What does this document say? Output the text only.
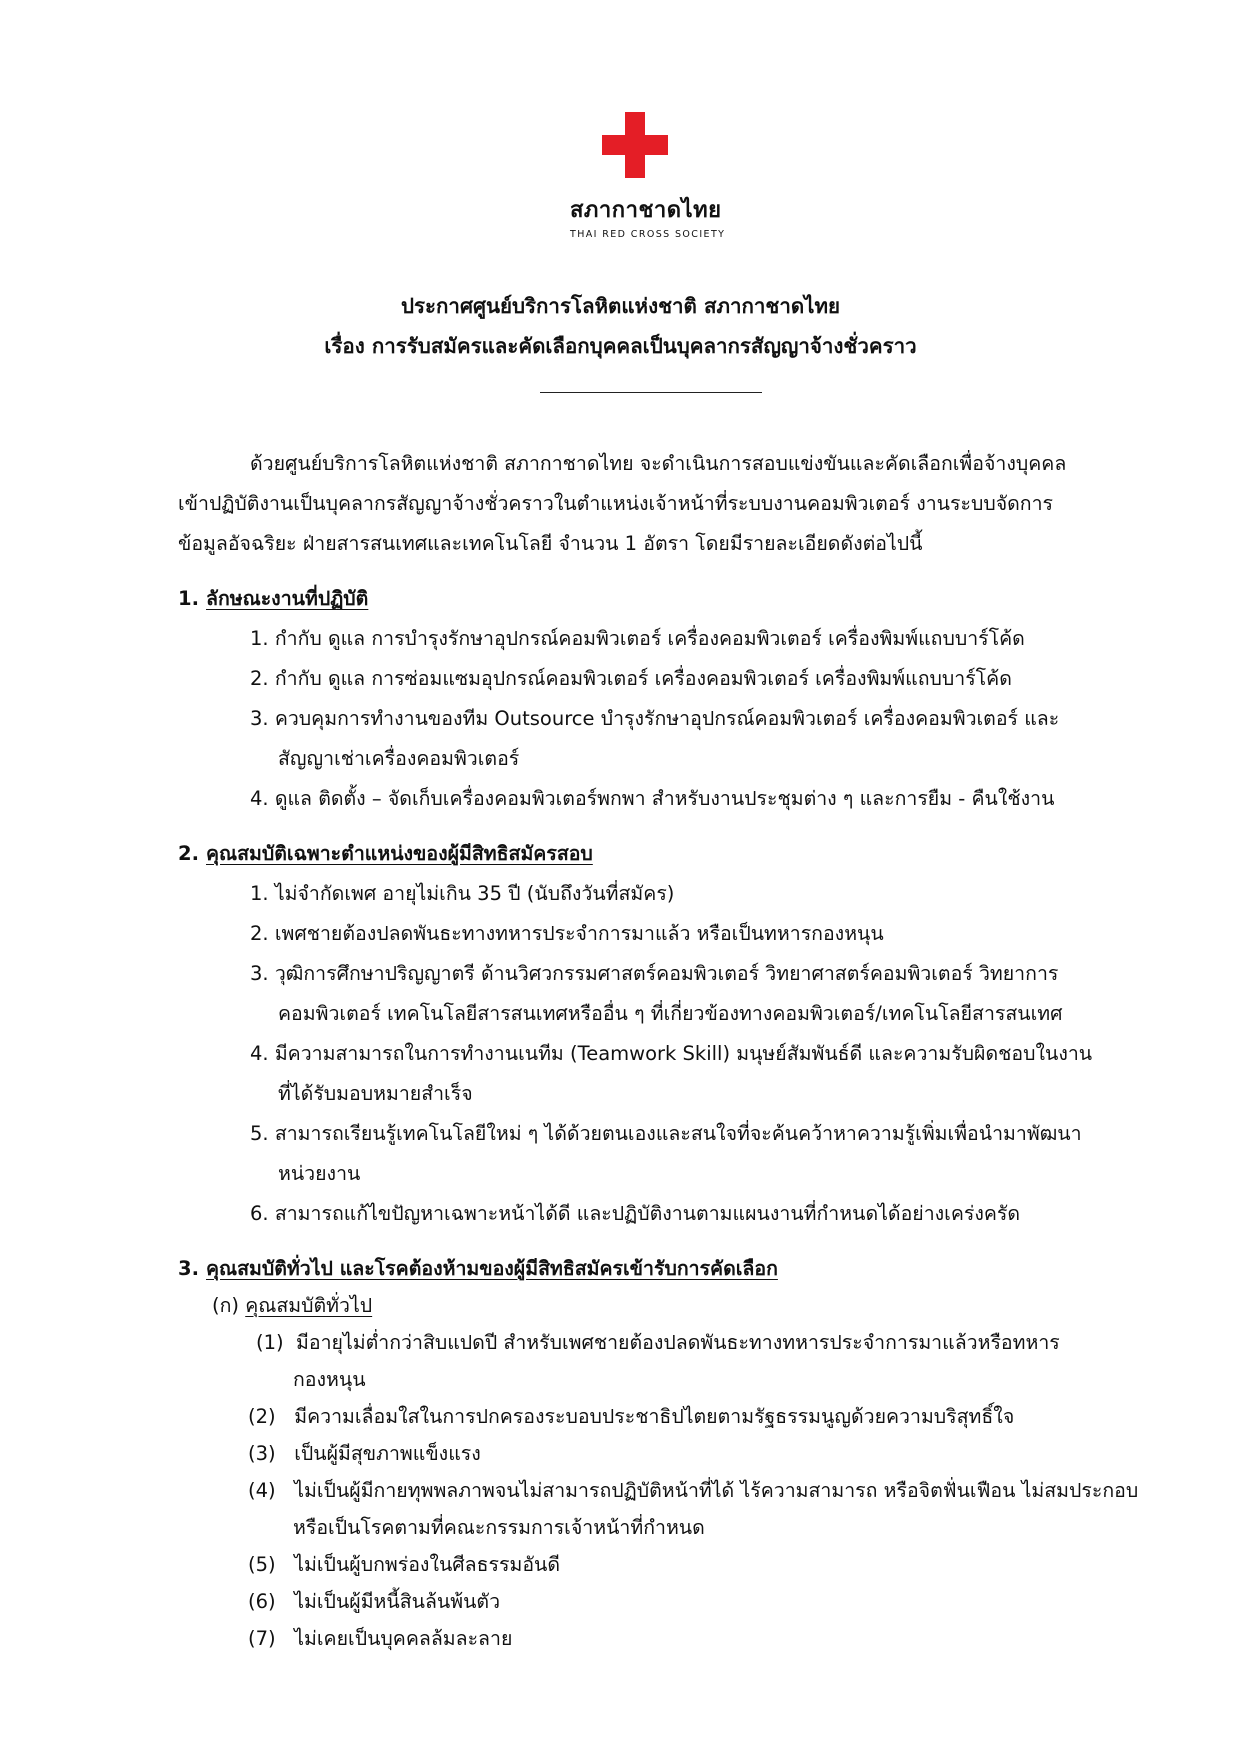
สภากาชาดไทย
THAI RED CROSS SOCIETY
ประกาศศูนย์บริการโลหิตแห่งชาติ สภากาชาดไทย
เรื่อง การรับสมัครและคัดเลือกบุคคลเป็นบุคลากรสัญญาจ้างชั่วคราว
ด้วยศูนย์บริการโลหิตแห่งชาติ สภากาชาดไทย จะดำเนินการสอบแข่งขันและคัดเลือกเพื่อจ้างบุคคล
เข้าปฏิบัติงานเป็นบุคลากรสัญญาจ้างชั่วคราวในตำแหน่งเจ้าหน้าที่ระบบงานคอมพิวเตอร์ งานระบบจัดการ
ข้อมูลอัจฉริยะ ฝ่ายสารสนเทศและเทคโนโลยี จำนวน 1 อัตรา โดยมีรายละเอียดดังต่อไปนี้
1. ลักษณะงานที่ปฏิบัติ
1. กำกับ ดูแล การบำรุงรักษาอุปกรณ์คอมพิวเตอร์ เครื่องคอมพิวเตอร์ เครื่องพิมพ์แถบบาร์โค้ด
2. กำกับ ดูแล การซ่อมแซมอุปกรณ์คอมพิวเตอร์ เครื่องคอมพิวเตอร์ เครื่องพิมพ์แถบบาร์โค้ด
3. ควบคุมการทำงานของทีม Outsource บำรุงรักษาอุปกรณ์คอมพิวเตอร์ เครื่องคอมพิวเตอร์ และ
สัญญาเช่าเครื่องคอมพิวเตอร์
4. ดูแล ติดตั้ง – จัดเก็บเครื่องคอมพิวเตอร์พกพา สำหรับงานประชุมต่าง ๆ และการยืม - คืนใช้งาน
2. คุณสมบัติเฉพาะตำแหน่งของผู้มีสิทธิสมัครสอบ
1. ไม่จำกัดเพศ อายุไม่เกิน 35 ปี (นับถึงวันที่สมัคร)
2. เพศชายต้องปลดพันธะทางทหารประจำการมาแล้ว หรือเป็นทหารกองหนุน
3. วุฒิการศึกษาปริญญาตรี ด้านวิศวกรรมศาสตร์คอมพิวเตอร์ วิทยาศาสตร์คอมพิวเตอร์ วิทยาการ
คอมพิวเตอร์ เทคโนโลยีสารสนเทศหรืออื่น ๆ ที่เกี่ยวข้องทางคอมพิวเตอร์/เทคโนโลยีสารสนเทศ
4. มีความสามารถในการทำงานเนทีม (Teamwork Skill) มนุษย์สัมพันธ์ดี และความรับผิดชอบในงาน
ที่ได้รับมอบหมายสำเร็จ
5. สามารถเรียนรู้เทคโนโลยีใหม่ ๆ ได้ด้วยตนเองและสนใจที่จะค้นคว้าหาความรู้เพิ่มเพื่อนำมาพัฒนา
หน่วยงาน
6. สามารถแก้ไขปัญหาเฉพาะหน้าได้ดี และปฏิบัติงานตามแผนงานที่กำหนดได้อย่างเคร่งครัด
3. คุณสมบัติทั่วไป และโรคต้องห้ามของผู้มีสิทธิสมัครเข้ารับการคัดเลือก
(ก) คุณสมบัติทั่วไป
(1) มีอายุไม่ต่ำกว่าสิบแปดปี สำหรับเพศชายต้องปลดพันธะทางทหารประจำการมาแล้วหรือทหาร
กองหนุน
(2) มีความเลื่อมใสในการปกครองระบอบประชาธิปไตยตามรัฐธรรมนูญด้วยความบริสุทธิ์ใจ
(3) เป็นผู้มีสุขภาพแข็งแรง
(4) ไม่เป็นผู้มีกายทุพพลภาพจนไม่สามารถปฏิบัติหน้าที่ได้ ไร้ความสามารถ หรือจิตฟั่นเฟือน ไม่สมประกอบ
หรือเป็นโรคตามที่คณะกรรมการเจ้าหน้าที่กำหนด
(5) ไม่เป็นผู้บกพร่องในศีลธรรมอันดี
(6) ไม่เป็นผู้มีหนี้สินล้นพ้นตัว
(7) ไม่เคยเป็นบุคคลล้มละลาย
